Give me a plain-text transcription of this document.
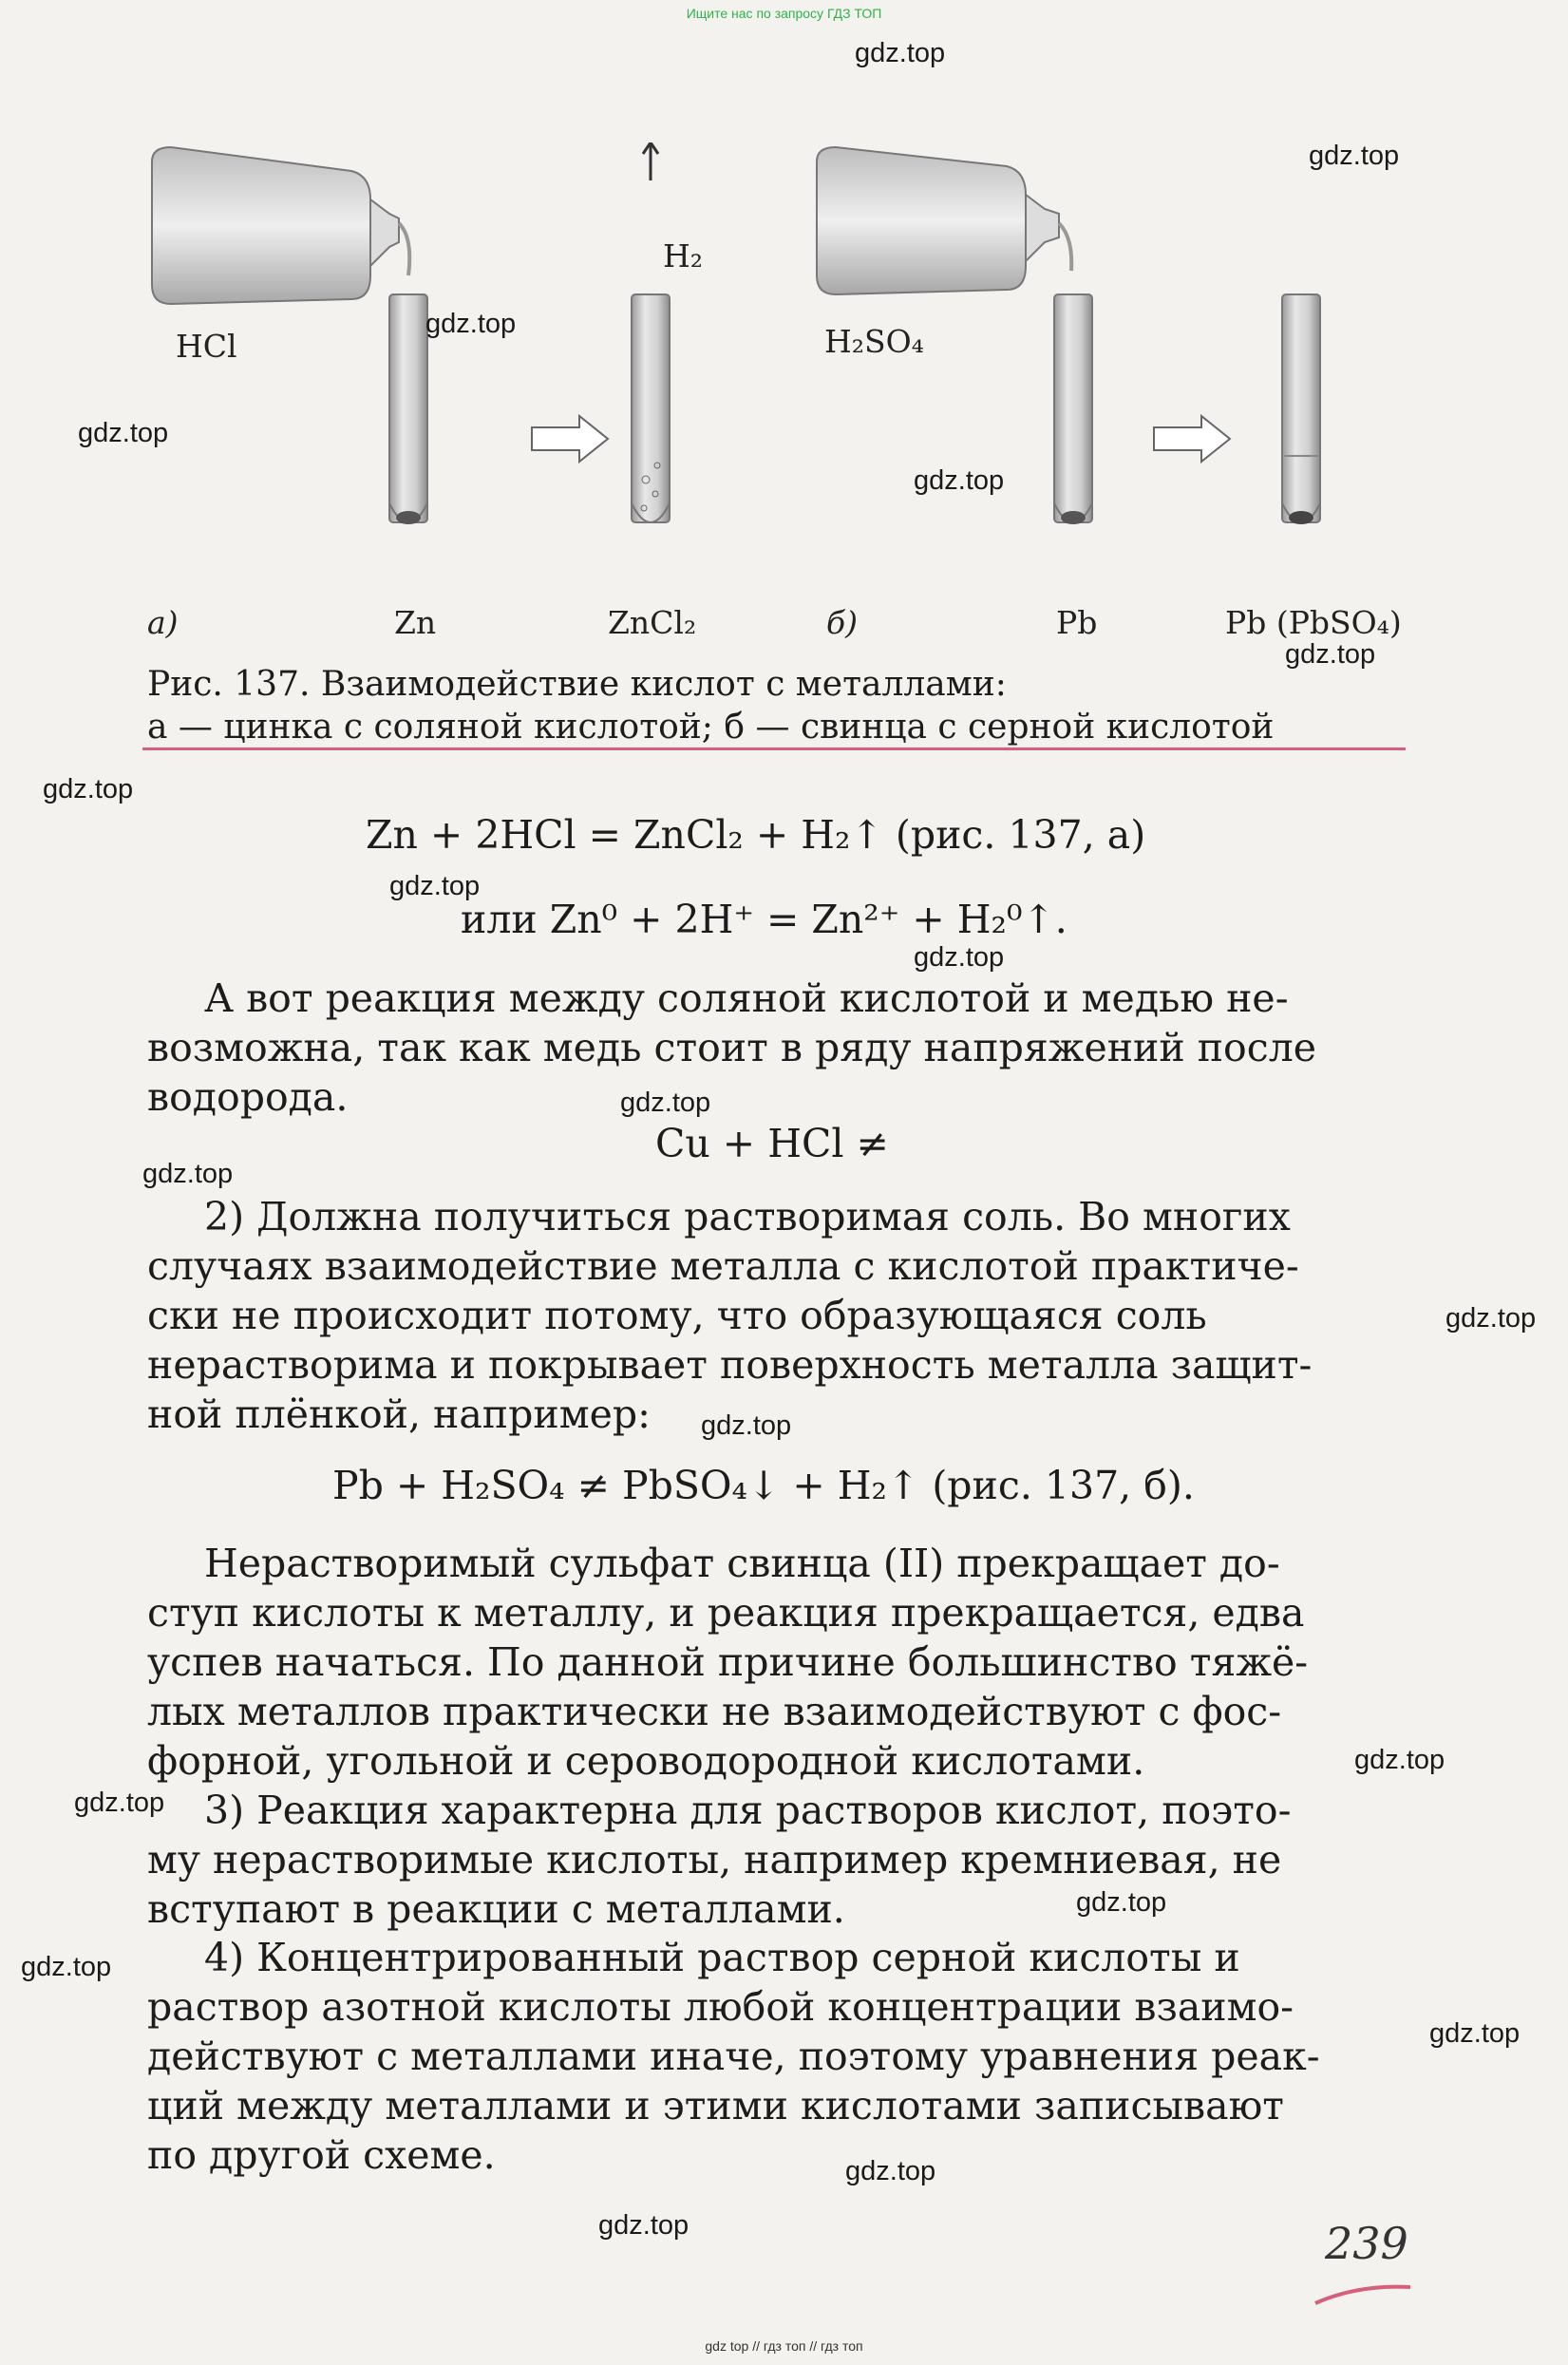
Ищите нас по запросу ГДЗ ТОП
HCl
H₂
H₂SO₄
а)	Zn	ZnCl₂	б)	Pb	Pb (PbSO₄)
Рис. 137. Взаимодействие кислот с металлами:
а — цинка с соляной кислотой; б — свинца с серной кислотой
Zn + 2HCl = ZnCl₂ + H₂↑ (рис. 137, а)
или Zn⁰ + 2H⁺ = Zn²⁺ + H₂⁰↑.
А вот реакция между соляной кислотой и медью не-
возможна, так как медь стоит в ряду напряжений после
водорода.
Cu + HCl ≠
2) Должна получиться растворимая соль. Во многих
случаях взаимодействие металла с кислотой практиче-
ски не происходит потому, что образующаяся соль
нерастворима и покрывает поверхность металла защит-
ной плёнкой, например:
Pb + H₂SO₄ ≠ PbSO₄↓ + H₂↑ (рис. 137, б).
Нерастворимый сульфат свинца (II) прекращает до-
ступ кислоты к металлу, и реакция прекращается, едва
успев начаться. По данной причине большинство тяжё-
лых металлов практически не взаимодействуют с фос-
форной, угольной и сероводородной кислотами.
3) Реакция характерна для растворов кислот, поэто-
му нерастворимые кислоты, например кремниевая, не
вступают в реакции с металлами.
4) Концентрированный раствор серной кислоты и
раствор азотной кислоты любой концентрации взаимо-
действуют с металлами иначе, поэтому уравнения реак-
ций между металлами и этими кислотами записывают
по другой схеме.
239
gdz.top
gdz.top
gdz.top
gdz.top
gdz.top
gdz.top
gdz.top
gdz.top
gdz.top
gdz.top
gdz.top
gdz.top
gdz.top
gdz.top
gdz.top
gdz.top
gdz.top
gdz.top
gdz.top
gdz.top
gdz top // гдз топ // гдз топ
